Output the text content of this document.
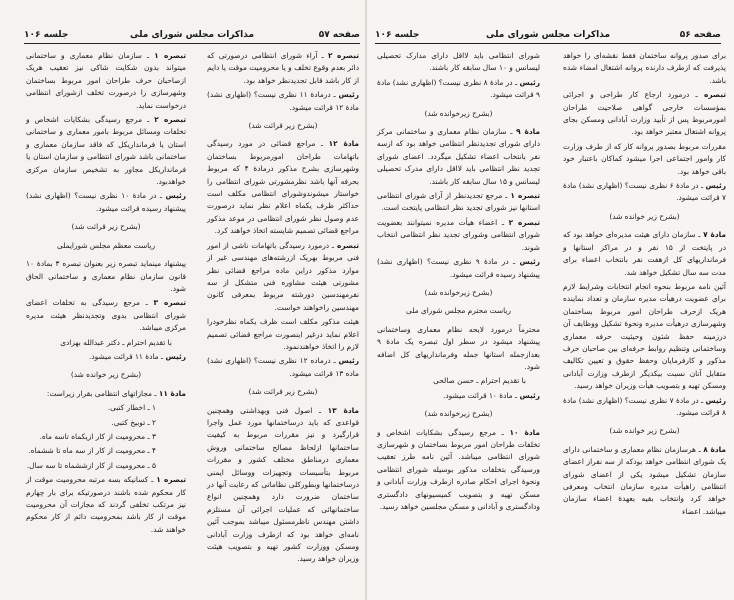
صفحه ۵۷
مذاکرات مجلس شورای ملی
جلسه ۱۰۶

تبصره ۲ ـ آراء شورای انتظامی درصورتی که دائر بعدم وقوع تخلف و یا محرومیت موقت یا دایم از کار باشد قابل تجدیدنظر خواهد بود.

رئیس ـ درمادهٔ ۱۱ نظری نیست؟ (اظهاری نشد) مادهٔ ۱۲ قرائت میشود.

(بشرح زیر قرائت شد)

مادهٔ ۱۲ ـ مراجع قضائی در مورد رسیدگی باتهامات طراحان امورمربوط بساختمان وشهرسازی بشرح مذکور درمادهٔ ۴ که مربوط بحرفه آنها باشد نظرمشورتی شورای انتظامی را خواستار میشوندوشورای انتظامی مکلف است حداکثر ظرف یکماه اعلام نظر نماید درصورت عدم وصول نظر شورای انتظامی در موعد مذکور مراجع قضائی تصمیم شایسته اتخاذ خواهند کرد.

تبصره ـ درمورد رسیدگی باتهامات ناشی از امور فنی مربوط بهریک ازرشته‌های مهندسی غیر از موارد مذکور دراین ماده مراجع قضائی نظر مشورتی هیئت مشاوره فنی متشکل از سه نفرمهندسین دورشته مربوط بمعرفی کانون مهندسین راخواهند خواست.

هیئت مذکور مکلف است ظرف یکماه نظرخودرا اعلام نماید درغیر اینصورت مراجع قضائی تصمیم لازم را اتخاذ خواهندنمود.

رئیس ـ درماده ۱۲ نظری نیست؟ (اظهاری نشد) ماده ۱۳ قرائت میشود.

(بشرح زیر قرائت شد)

مادهٔ ۱۳ ـ اصول فنی وبهداشتی وهمچنین قواعدی که باید درساختمانها مورد عمل واجرا قرارگیرد و نیز مقررات مربوط به کیفیت ساختمانها ازلحاظ مصالح ساختمانی وروش معماری درمناطق مختلف کشور و مقررات مربوط بتأسیسات وتجهیزات ووسائل ایمنی درساختمانها وبطورکلی نظاماتی که رعایت آنها در ساختمان ضرورت دارد وهمچنین انواع ساختمانهائی که عملیات اجرائی آن مستلزم داشتن مهندس ناظرمسئول میباشد بموجب آئین نامه‌ای خواهد بود که ازطرف وزارت آبادانی ومسکن ووزارت کشور تهیه و بتصویب هیئت وزیران خواهد رسید.

تبصره ۱ ـ سازمان نظام معماری و ساختمانی میتواند بدون شکایت شاکی نیز تعقیب هریک ازصاحبان حرف طراحان امور مربوط بساختمان وشهرسازی را درصورت تخلف ازشورای انتظامی درخواست نماید.

تبصره ۲ ـ مرجع رسیدگی بشکایات اشخاص و تخلفات ومسائل مربوط بامور معماری و ساختمانی استان یا فرمانداریکل که فاقد سازمان معماری و ساختمانی باشد شورای انتظامی و سازمان استان یا فرمانداریکل مجاور به تشخیص سازمان مرکزی خواهدبود.

رئیس ـ در مادهٔ ۱۰ نظری نیست؟ (اظهاری نشد) پیشنهاد رسیده قرائت میشود.

(بشرح زیر قرائت شد)

ریاست معظم مجلس شورایملی

پیشنهاد مینماید تبصره زیر بعنوان تبصره ۳ بمادهٔ ۱۰ قانون سازمان نظام معماری و ساختمانی الحاق شود.

تبصره ۳ ـ مرجع رسیدگی به تخلفات اعضای شورای انتظامی بدوی وتجدیدنظر هیئت مدیره مرکزی میباشد.

با تقدیم احترام ـ دکتر عبدالله بهزادی

رئیس ـ مادهٔ ۱۱ قرائت میشود.

(بشرح زیر خوانده شد)

مادهٔ ۱۱ ـ مجازاتهای انتظامی بقرار زیراست:

۱ ـ اخطار کتبی.

۲ ـ توبیخ کتبی.

۳ ـ محرومیت از کار ازیکماه تاسه ماه.

۴ ـ محرومیت از کار از سه ماه تا ششماه.

۵ ـ محرومیت از کار ازششماه تا سه سال.

تبصره ۱ ـ کسانیکه بسه مرتبه محرومیت موقت از کار محکوم شده باشند درصورتیکه برای بار چهارم نیز مرتکب تخلفی گردند که مجازات آن محرومیت موقت از کار باشد بمحرومیت دائم از کار محکوم خواهند شد.

صفحه ۵۶
مذاکرات مجلس شورای ملی
جلسه ۱۰۶

برای صدور پروانه ساختمان فقط نقشه‌ای را خواهد پذیرفت که ازطرف دارنده پروانه اشتغال امضاء شده باشد.

تبصره ـ درمورد ارجاع کار طراحی و اجرائی بمؤسسات خارجی گواهی صلاحیت طراحان امورمربوط پس از تأیید وزارت آبادانی ومسکن بجای پروانه اشتغال معتبر خواهد بود.

مقررات مربوط بصدور پروانه کار که از طرف وزارت کار وامور اجتماعی اجرا میشود کماکان باعتبار خود باقی خواهد بود.

رئیس ـ در مادهٔ ۶ نظری نیست؟ (اظهاری نشد) مادهٔ ۷ قرائت میشود.

(بشرح زیر خوانده شد)

مادهٔ ۷ ـ سازمان دارای هیئت مدیره‌ای خواهد بود که در پایتخت از ۱۵ نفر و در مراکز استانها و فرمانداریهای کل ازهفت نفر بانتخاب اعضاء برای مدت سه سال تشکیل خواهد شد.

آئین نامه مربوط بنحوه انجام انتخابات وشرایط لازم برای عضویت درهیأت مدیره سازمان و تعداد نماینده هریک ازحرف طراحان امور مربوط بساختمان وشهرسازی درهیأت مدیره ونحوهٔ تشکیل ووظایف آن درزمینه حفظ شئون وحیثیت حرفه معماری وساختمانی وتنظیم روابط حرفه‌ای بین صاحبان حرف مذکور و کارفرمایان وحفظ حقوق و تعیین تکالیف متقابل آنان نسبت بیکدیگر ازطرف وزارت آبادانی ومسکن تهیه و بتصویب هیأت وزیران خواهد رسید.

رئیس ـ در مادهٔ ۷ نظری نیست؟ (اظهاری نشد) مادهٔ ۸ قرائت میشود.

(بشرح زیر خوانده شد)

مادهٔ ۸ ـ هرسازمان نظام معماری و ساختمانی دارای یک شورای انتظامی خواهد بودکه از سه نفراز اعضای سازمان تشکیل میشود یکی از اعضای شورای انتظامی راهیأت مدیره سازمان انتخاب ومعرفی خواهد کرد وانتخاب بقیه بعهدهٔ اعضاء سازمان میباشد. اعضاء

شورای انتظامی باید لااقل دارای مدارک تحصیلی لیسانس و ۱۰ سال سابقه کار باشند.

رئیس ـ در مادهٔ ۸ نظری نیست؟ (اظهاری نشد) مادهٔ ۹ قرائت میشود.

(بشرح زیرخوانده شد)

مادهٔ ۹ ـ سازمان نظام معماری و ساختمانی مرکز دارای شورای تجدیدنظر انتظامی خواهد بود که ازسه نفر بانتخاب اعضاء تشکیل میگردد. اعضای شورای تجدید نظر انتظامی باید لااقل دارای مدرک تحصیلی لیسانس و ۱۵ سال سابقه کار باشند.

تبصره ۱ ـ مرجع تجدیدنظر از آرای شورای انتظامی استانها نیز شورای تجدید نظر انتظامی پایتخت است.

تبصره ۲ ـ اعضاء هیأت مدیره نمیتوانند بعضویت شورای انتظامی وشورای تجدید نظر انتظامی انتخاب شوند.

رئیس ـ در مادهٔ ۹ نظری نیست؟ (اظهاری نشد) پیشنهاد رسیده قرائت میشود.

(بشرح زیرخوانده شد)

ریاست محترم مجلس شورای ملی

محترماً درمورد لایحه نظام معماری وساختمانی پیشنهاد میشود در سطر اول تبصره یک مادهٔ ۹ بعدازجمله استانها جمله وفرمانداریهای کل اضافه شود.

با تقدیم احترام ـ حسن صالحی

رئیس ـ مادهٔ ۱۰ قرائت میشود.

(بشرح زیرخوانده شد)

مادهٔ ۱۰ ـ مرجع رسیدگی بشکایات اشخاص و تخلفات طراحان امور مربوط بساختمان و شهرسازی شورای انتظامی میباشد. آئین نامه طرز تعقیب ورسیدگی بتخلفات مذکور بوسیله شورای انتظامی ونحوهٔ اجرای احکام صادره ازطرف وزارت آبادانی و مسکن تهیه و بتصویب کمیسیونهای دادگستری ودادگستری و آبادانی و مسکن مجلسین خواهد رسید.
